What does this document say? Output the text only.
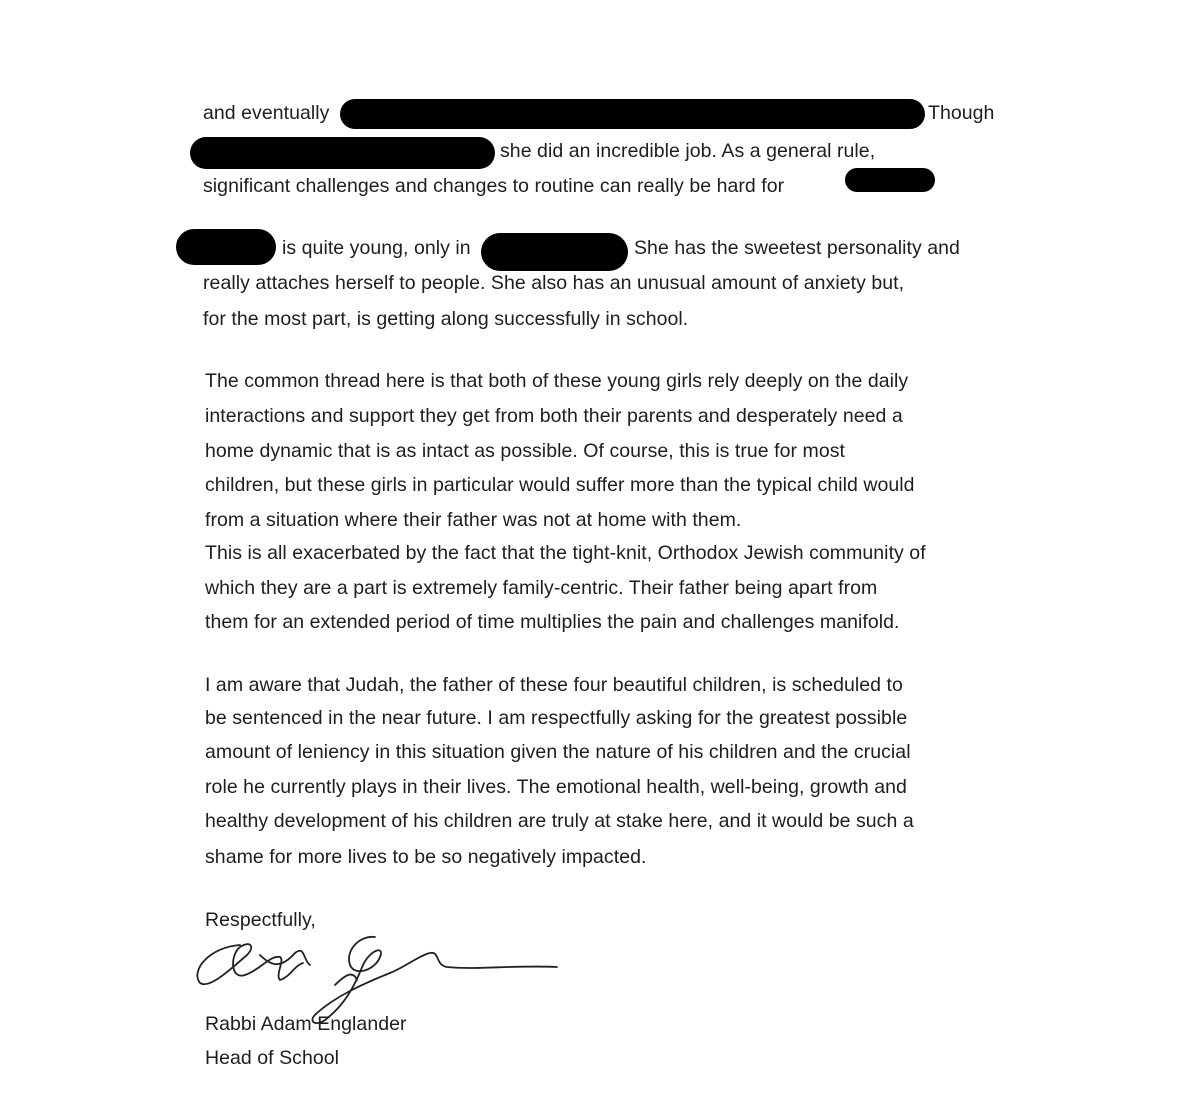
and eventually	Though
she did an incredible job. As a general rule,
significant challenges and changes to routine can really be hard for
is quite young, only in	She has the sweetest personality and
really attaches herself to people. She also has an unusual amount of anxiety but,
for the most part, is getting along successfully in school.
The common thread here is that both of these young girls rely deeply on the daily
interactions and support they get from both their parents and desperately need a
home dynamic that is as intact as possible. Of course, this is true for most
children, but these girls in particular would suffer more than the typical child would
from a situation where their father was not at home with them.
This is all exacerbated by the fact that the tight-knit, Orthodox Jewish community of
which they are a part is extremely family-centric. Their father being apart from
them for an extended period of time multiplies the pain and challenges manifold.
I am aware that Judah, the father of these four beautiful children, is scheduled to
be sentenced in the near future. I am respectfully asking for the greatest possible
amount of leniency in this situation given the nature of his children and the crucial
role he currently plays in their lives. The emotional health, well-being, growth and
healthy development of his children are truly at stake here, and it would be such a
shame for more lives to be so negatively impacted.
Respectfully,
Rabbi Adam Englander
Head of School
